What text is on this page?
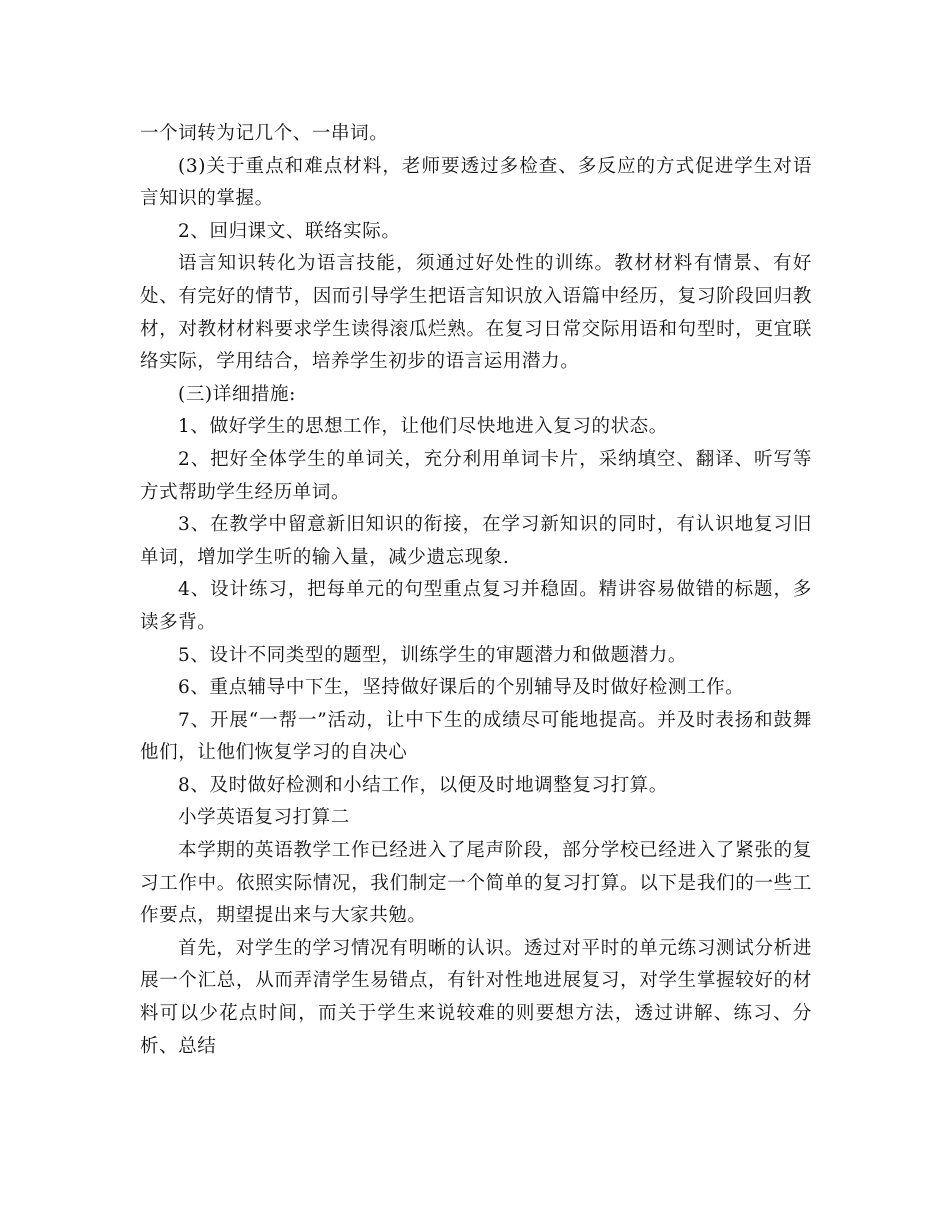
一个词转为记几个、一串词。

(3)关于重点和难点材料，老师要透过多检查、多反应的方式促进学生对语言知识的掌握。

2、回归课文、联络实际。

语言知识转化为语言技能，须通过好处性的训练。教材材料有情景、有好处、有完好的情节，因而引导学生把语言知识放入语篇中经历，复习阶段回归教材，对教材材料要求学生读得滚瓜烂熟。在复习日常交际用语和句型时，更宜联络实际，学用结合，培养学生初步的语言运用潜力。

(三)详细措施:

1、做好学生的思想工作，让他们尽快地进入复习的状态。

2、把好全体学生的单词关，充分利用单词卡片，采纳填空、翻译、听写等方式帮助学生经历单词。

3、在教学中留意新旧知识的衔接，在学习新知识的同时，有认识地复习旧单词，增加学生听的输入量，减少遗忘现象.

4、设计练习，把每单元的句型重点复习并稳固。精讲容易做错的标题，多读多背。

5、设计不同类型的题型，训练学生的审题潜力和做题潜力。

6、重点辅导中下生，坚持做好课后的个别辅导及时做好检测工作。

7、开展“一帮一”活动，让中下生的成绩尽可能地提高。并及时表扬和鼓舞他们，让他们恢复学习的自决心

8、及时做好检测和小结工作，以便及时地调整复习打算。

小学英语复习打算二

本学期的英语教学工作已经进入了尾声阶段，部分学校已经进入了紧张的复习工作中。依照实际情况，我们制定一个简单的复习打算。以下是我们的一些工作要点，期望提出来与大家共勉。

首先，对学生的学习情况有明晰的认识。透过对平时的单元练习测试分析进展一个汇总，从而弄清学生易错点，有针对性地进展复习，对学生掌握较好的材料可以少花点时间，而关于学生来说较难的则要想方法，透过讲解、练习、分析、总结
